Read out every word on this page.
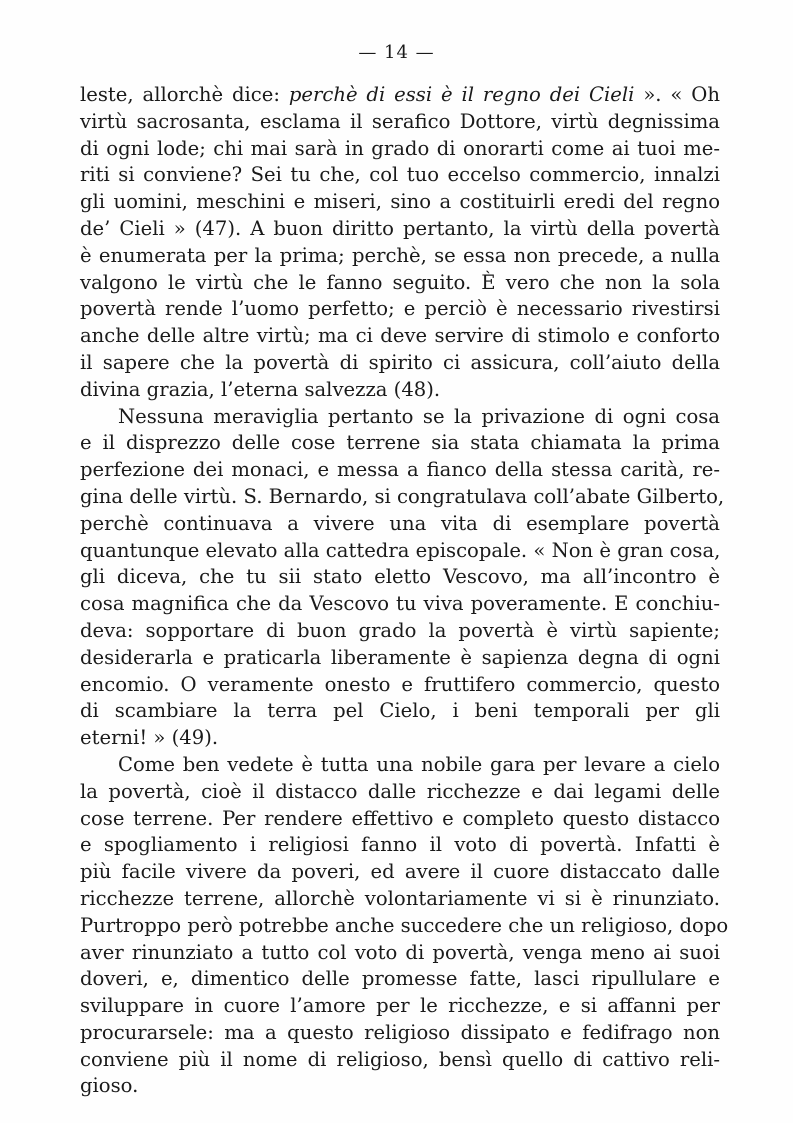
— 14 —
leste, allorchè dice: perchè di essi è il regno dei Cieli ». « Oh
virtù sacrosanta, esclama il serafico Dottore, virtù degnissima
di ogni lode; chi mai sarà in grado di onorarti come ai tuoi me-
riti si conviene? Sei tu che, col tuo eccelso commercio, innalzi
gli uomini, meschini e miseri, sino a costituirli eredi del regno
de’ Cieli » (47). A buon diritto pertanto, la virtù della povertà
è enumerata per la prima; perchè, se essa non precede, a nulla
valgono le virtù che le fanno seguito. È vero che non la sola
povertà rende l’uomo perfetto; e perciò è necessario rivestirsi
anche delle altre virtù; ma ci deve servire di stimolo e conforto
il sapere che la povertà di spirito ci assicura, coll’aiuto della
divina grazia, l’eterna salvezza (48).
Nessuna meraviglia pertanto se la privazione di ogni cosa
e il disprezzo delle cose terrene sia stata chiamata la prima
perfezione dei monaci, e messa a fianco della stessa carità, re-
gina delle virtù. S. Bernardo, si congratulava coll’abate Gilberto,
perchè continuava a vivere una vita di esemplare povertà
quantunque elevato alla cattedra episcopale. « Non è gran cosa,
gli diceva, che tu sii stato eletto Vescovo, ma all’incontro è
cosa magnifica che da Vescovo tu viva poveramente. E conchiu-
deva: sopportare di buon grado la povertà è virtù sapiente;
desiderarla e praticarla liberamente è sapienza degna di ogni
encomio. O veramente onesto e fruttifero commercio, questo
di scambiare la terra pel Cielo, i beni temporali per gli
eterni! » (49).
Come ben vedete è tutta una nobile gara per levare a cielo
la povertà, cioè il distacco dalle ricchezze e dai legami delle
cose terrene. Per rendere effettivo e completo questo distacco
e spogliamento i religiosi fanno il voto di povertà. Infatti è
più facile vivere da poveri, ed avere il cuore distaccato dalle
ricchezze terrene, allorchè volontariamente vi si è rinunziato.
Purtroppo però potrebbe anche succedere che un religioso, dopo
aver rinunziato a tutto col voto di povertà, venga meno ai suoi
doveri, e, dimentico delle promesse fatte, lasci ripullulare e
sviluppare in cuore l’amore per le ricchezze, e si affanni per
procurarsele: ma a questo religioso dissipato e fedifrago non
conviene più il nome di religioso, bensì quello di cattivo reli-
gioso.
